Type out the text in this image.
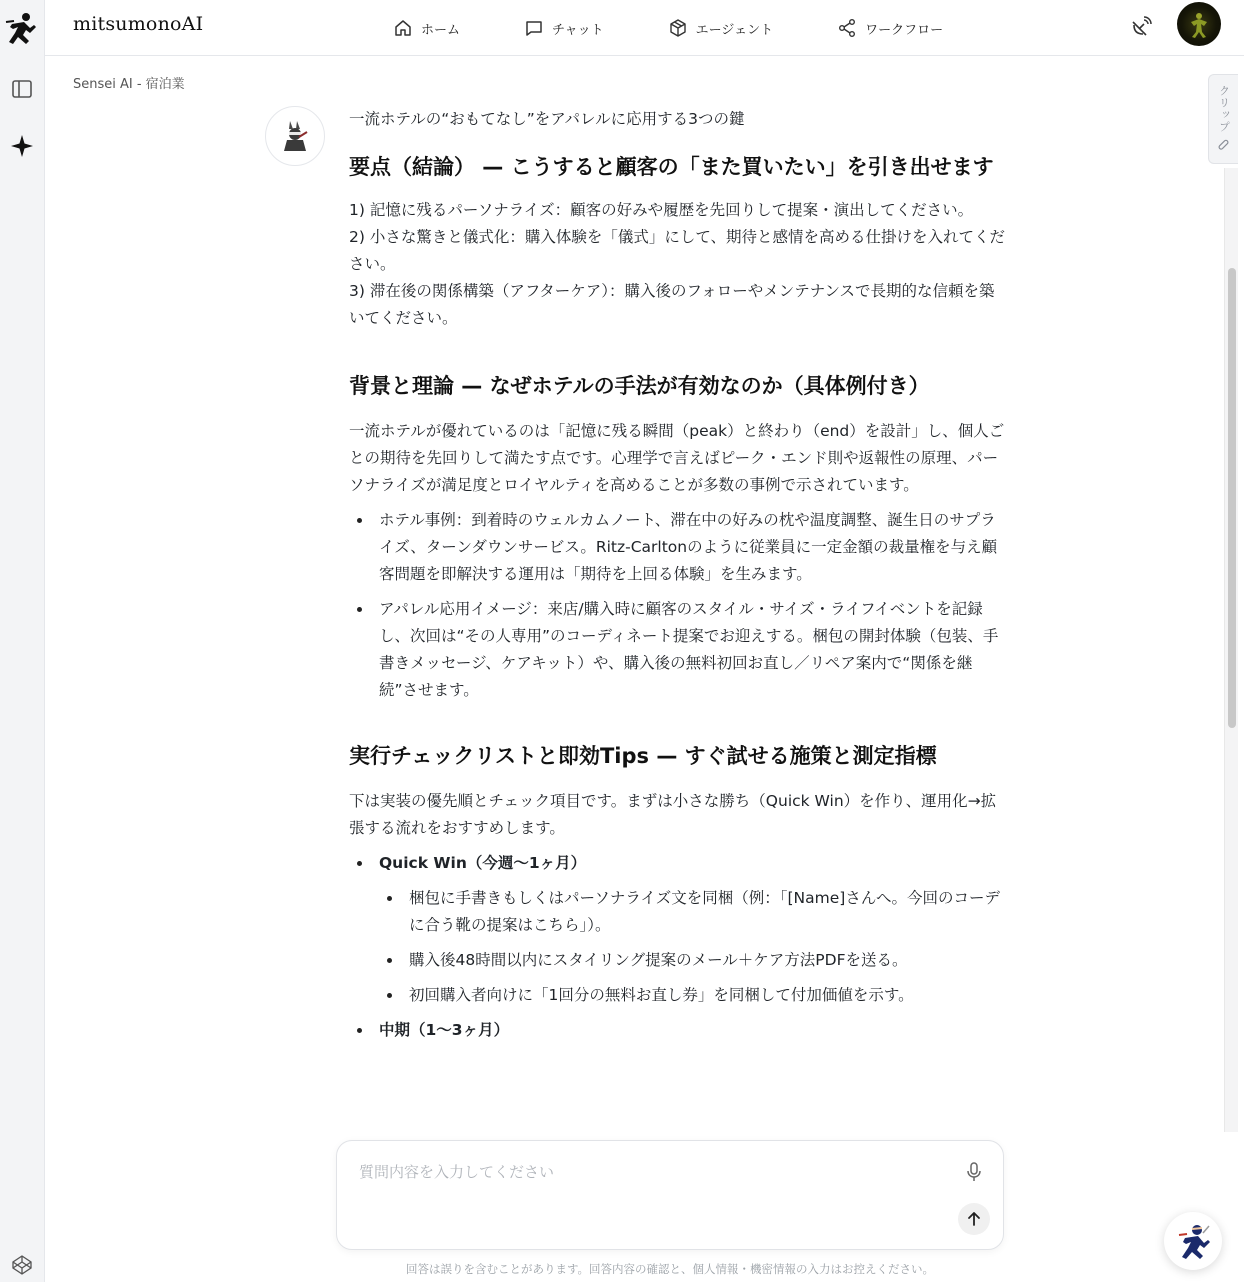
mitsumonoAI	ホーム	チャット	エージェント	ワークフロー
Sensei AI - 宿泊業

一流ホテルの“おもてなし”をアパレルに応用する3つの鍵

要点（結論） — こうすると顧客の「また買いたい」を引き出せます

1) 記憶に残るパーソナライズ：顧客の好みや履歴を先回りして提案・演出してください。

2) 小さな驚きと儀式化：購入体験を「儀式」にして、期待と感情を高める仕掛けを入れてください。

3) 滞在後の関係構築（アフターケア）：購入後のフォローやメンテナンスで長期的な信頼を築いてください。

背景と理論 — なぜホテルの手法が有効なのか（具体例付き）

一流ホテルが優れているのは「記憶に残る瞬間（peak）と終わり（end）を設計」し、個人ごとの期待を先回りして満たす点です。心理学で言えばピーク・エンド則や返報性の原理、パーソナライズが満足度とロイヤルティを高めることが多数の事例で示されています。

ホテル事例：到着時のウェルカムノート、滞在中の好みの枕や温度調整、誕生日のサプライズ、ターンダウンサービス。Ritz-Carltonのように従業員に一定金額の裁量権を与え顧客問題を即解決する運用は「期待を上回る体験」を生みます。
アパレル応用イメージ：来店/購入時に顧客のスタイル・サイズ・ライフイベントを記録し、次回は“その人専用”のコーディネート提案でお迎えする。梱包の開封体験（包装、手書きメッセージ、ケアキット）や、購入後の無料初回お直し／リペア案内で“関係を継続”させます。
実行チェックリストと即効Tips — すぐ試せる施策と測定指標

下は実装の優先順とチェック項目です。まずは小さな勝ち（Quick Win）を作り、運用化→拡張する流れをおすすめします。

Quick Win（今週〜1ヶ月）
梱包に手書きもしくはパーソナライズ文を同梱（例：「[Name]さんへ。今回のコーデに合う靴の提案はこちら」）。
購入後48時間以内にスタイリング提案のメール＋ケア方法PDFを送る。
初回購入者向けに「1回分の無料お直し券」を同梱して付加価値を示す。
中期（1〜3ヶ月）
クリップ
質問内容を入力してください
回答は誤りを含むことがあります。回答内容の確認と、個人情報・機密情報の入力はお控えください。
